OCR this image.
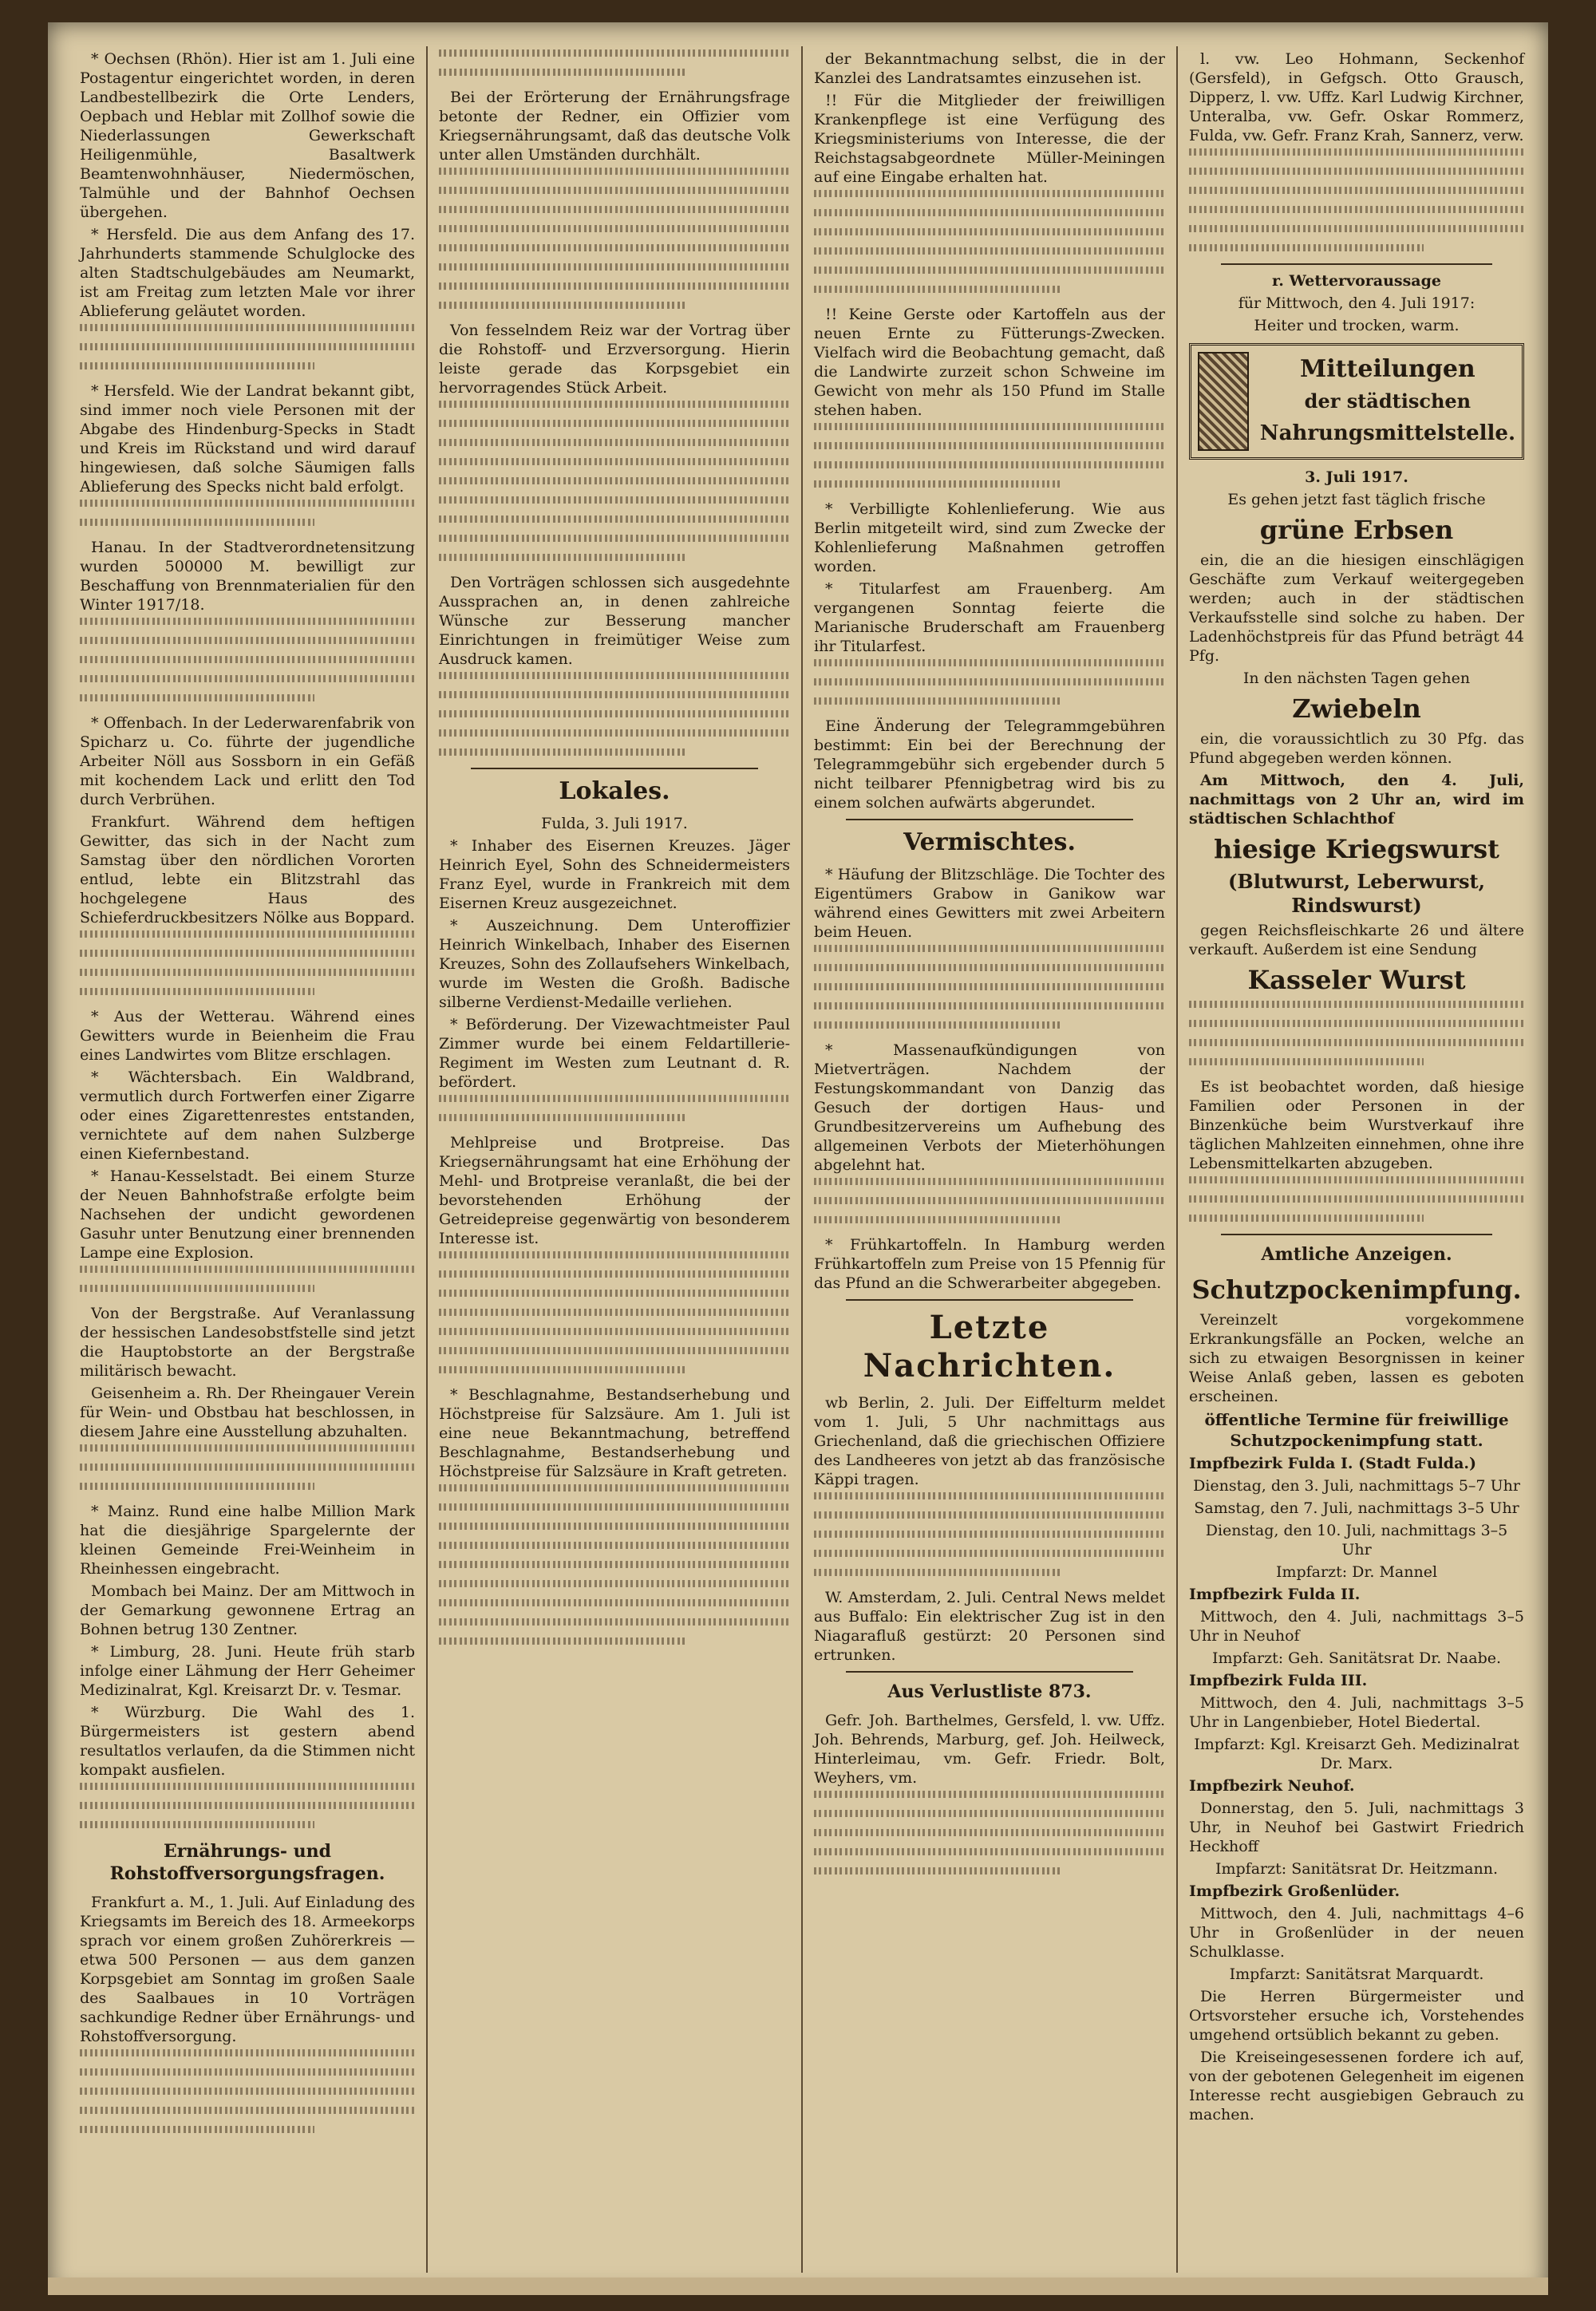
* Oechsen (Rhön). Hier ist am 1. Juli eine Postagentur eingerichtet worden, in deren Landbestellbezirk die Orte Lenders, Oepbach und Heblar mit Zollhof sowie die Niederlassungen Gewerkschaft Heiligenmühle, Basaltwerk Beamtenwohnhäuser, Niedermöschen, Talmühle und der Bahnhof Oechsen übergehen.

* Hersfeld. Die aus dem Anfang des 17. Jahrhunderts stammende Schulglocke des alten Stadtschulgebäudes am Neumarkt, ist am Freitag zum letzten Male vor ihrer Ablieferung geläutet worden.

* Hersfeld. Wie der Landrat bekannt gibt, sind immer noch viele Personen mit der Abgabe des Hindenburg-Specks in Stadt und Kreis im Rückstand und wird darauf hingewiesen, daß solche Säumigen falls Ablieferung des Specks nicht bald erfolgt.

Hanau. In der Stadtverordnetensitzung wurden 500000 M. bewilligt zur Beschaffung von Brennmaterialien für den Winter 1917/18.

* Offenbach. In der Lederwarenfabrik von Spicharz u. Co. führte der jugendliche Arbeiter Nöll aus Sossborn in ein Gefäß mit kochendem Lack und erlitt den Tod durch Verbrühen.

Frankfurt. Während dem heftigen Gewitter, das sich in der Nacht zum Samstag über den nördlichen Vororten entlud, lebte ein Blitzstrahl das hochgelegene Haus des Schieferdruckbesitzers Nölke aus Boppard.

* Aus der Wetterau. Während eines Gewitters wurde in Beienheim die Frau eines Landwirtes vom Blitze erschlagen.

* Wächtersbach. Ein Waldbrand, vermutlich durch Fortwerfen einer Zigarre oder eines Zigarettenrestes entstanden, vernichtete auf dem nahen Sulzberge einen Kiefernbestand.

* Hanau-Kesselstadt. Bei einem Sturze der Neuen Bahnhofstraße erfolgte beim Nachsehen der undicht gewordenen Gasuhr unter Benutzung einer brennenden Lampe eine Explosion.

Von der Bergstraße. Auf Veranlassung der hessischen Landesobstfstelle sind jetzt die Hauptobstorte an der Bergstraße militärisch bewacht.

Geisenheim a. Rh. Der Rheingauer Verein für Wein- und Obstbau hat beschlossen, in diesem Jahre eine Ausstellung abzuhalten.

* Mainz. Rund eine halbe Million Mark hat die diesjährige Spargelernte der kleinen Gemeinde Frei-Weinheim in Rheinhessen eingebracht.

Mombach bei Mainz. Der am Mittwoch in der Gemarkung gewonnene Ertrag an Bohnen betrug 130 Zentner.

* Limburg, 28. Juni. Heute früh starb infolge einer Lähmung der Herr Geheimer Medizinalrat, Kgl. Kreisarzt Dr. v. Tesmar.

* Würzburg. Die Wahl des 1. Bürgermeisters ist gestern abend resultatlos verlaufen, da die Stimmen nicht kompakt ausfielen.

Ernährungs- und Rohstoffversorgungsfragen.

Frankfurt a. M., 1. Juli. Auf Einladung des Kriegsamts im Bereich des 18. Armeekorps sprach vor einem großen Zuhörerkreis — etwa 500 Personen — aus dem ganzen Korpsgebiet am Sonntag im großen Saale des Saalbaues in 10 Vorträgen sachkundige Redner über Ernährungs- und Rohstoffversorgung.

Bei der Erörterung der Ernährungsfrage betonte der Redner, ein Offizier vom Kriegsernährungsamt, daß das deutsche Volk unter allen Umständen durchhält.

Von fesselndem Reiz war der Vortrag über die Rohstoff- und Erzversorgung. Hierin leiste gerade das Korpsgebiet ein hervorragendes Stück Arbeit.

Den Vorträgen schlossen sich ausgedehnte Aussprachen an, in denen zahlreiche Wünsche zur Besserung mancher Einrichtungen in freimütiger Weise zum Ausdruck kamen.

Lokales.

Fulda, 3. Juli 1917.

* Inhaber des Eisernen Kreuzes. Jäger Heinrich Eyel, Sohn des Schneidermeisters Franz Eyel, wurde in Frankreich mit dem Eisernen Kreuz ausgezeichnet.

* Auszeichnung. Dem Unteroffizier Heinrich Winkelbach, Inhaber des Eisernen Kreuzes, Sohn des Zollaufsehers Winkelbach, wurde im Westen die Großh. Badische silberne Verdienst-Medaille verliehen.

* Beförderung. Der Vizewachtmeister Paul Zimmer wurde bei einem Feldartillerie-Regiment im Westen zum Leutnant d. R. befördert.

Mehlpreise und Brotpreise. Das Kriegsernährungsamt hat eine Erhöhung der Mehl- und Brotpreise veranlaßt, die bei der bevorstehenden Erhöhung der Getreidepreise gegenwärtig von besonderem Interesse ist.

* Beschlagnahme, Bestandserhebung und Höchstpreise für Salzsäure. Am 1. Juli ist eine neue Bekanntmachung, betreffend Beschlagnahme, Bestandserhebung und Höchstpreise für Salzsäure in Kraft getreten.

der Bekanntmachung selbst, die in der Kanzlei des Landratsamtes einzusehen ist.

!! Für die Mitglieder der freiwilligen Krankenpflege ist eine Verfügung des Kriegsministeriums von Interesse, die der Reichstagsabgeordnete Müller-Meiningen auf eine Eingabe erhalten hat.

!! Keine Gerste oder Kartoffeln aus der neuen Ernte zu Fütterungs-Zwecken. Vielfach wird die Beobachtung gemacht, daß die Landwirte zurzeit schon Schweine im Gewicht von mehr als 150 Pfund im Stalle stehen haben.

* Verbilligte Kohlenlieferung. Wie aus Berlin mitgeteilt wird, sind zum Zwecke der Kohlenlieferung Maßnahmen getroffen worden.

* Titularfest am Frauenberg. Am vergangenen Sonntag feierte die Marianische Bruderschaft am Frauenberg ihr Titularfest.

Eine Änderung der Telegrammgebühren bestimmt: Ein bei der Berechnung der Telegrammgebühr sich ergebender durch 5 nicht teilbarer Pfennigbetrag wird bis zu einem solchen aufwärts abgerundet.

Vermischtes.

* Häufung der Blitzschläge. Die Tochter des Eigentümers Grabow in Ganikow war während eines Gewitters mit zwei Arbeitern beim Heuen.

* Massenaufkündigungen von Mietverträgen. Nachdem der Festungskommandant von Danzig das Gesuch der dortigen Haus- und Grundbesitzervereins um Aufhebung des allgemeinen Verbots der Mieterhöhungen abgelehnt hat.

* Frühkartoffeln. In Hamburg werden Frühkartoffeln zum Preise von 15 Pfennig für das Pfund an die Schwerarbeiter abgegeben.

Letzte Nachrichten.

wb Berlin, 2. Juli. Der Eiffelturm meldet vom 1. Juli, 5 Uhr nachmittags aus Griechenland, daß die griechischen Offiziere des Landheeres von jetzt ab das französische Käppi tragen.

W. Amsterdam, 2. Juli. Central News meldet aus Buffalo: Ein elektrischer Zug ist in den Niagarafluß gestürzt: 20 Personen sind ertrunken.

Aus Verlustliste 873.

Gefr. Joh. Barthelmes, Gersfeld, l. vw. Uffz. Joh. Behrends, Marburg, gef. Joh. Heilweck, Hinterleimau, vm. Gefr. Friedr. Bolt, Weyhers, vm.

l. vw. Leo Hohmann, Seckenhof (Gersfeld), in Gefgsch. Otto Grausch, Dipperz, l. vw. Uffz. Karl Ludwig Kirchner, Unteralba, vw. Gefr. Oskar Rommerz, Fulda, vw. Gefr. Franz Krah, Sannerz, verw.

r. Wettervoraussage

für Mittwoch, den 4. Juli 1917:

Heiter und trocken, warm.

Mitteilungen
der städtischen
Nahrungsmittelstelle.

3. Juli 1917.

Es gehen jetzt fast täglich frische

grüne Erbsen

ein, die an die hiesigen einschlägigen Geschäfte zum Verkauf weitergegeben werden; auch in der städtischen Verkaufsstelle sind solche zu haben. Der Ladenhöchstpreis für das Pfund beträgt 44 Pfg.

In den nächsten Tagen gehen

Zwiebeln

ein, die voraussichtlich zu 30 Pfg. das Pfund abgegeben werden können.

Am Mittwoch, den 4. Juli, nachmittags von 2 Uhr an, wird im städtischen Schlachthof

hiesige Kriegswurst
(Blutwurst, Leberwurst, Rindswurst)

gegen Reichsfleischkarte 26 und ältere verkauft. Außerdem ist eine Sendung

Kasseler Wurst

Es ist beobachtet worden, daß hiesige Familien oder Personen in der Binzenküche beim Wurstverkauf ihre täglichen Mahlzeiten einnehmen, ohne ihre Lebensmittelkarten abzugeben.

Amtliche Anzeigen.

Schutzpockenimpfung.

Vereinzelt vorgekommene Erkrankungsfälle an Pocken, welche an sich zu etwaigen Besorgnissen in keiner Weise Anlaß geben, lassen es geboten erscheinen.

öffentliche Termine für freiwillige Schutzpockenimpfung statt.

Impfbezirk Fulda I. (Stadt Fulda.)

Dienstag, den 3. Juli, nachmittags 5–7 Uhr

Samstag, den 7. Juli, nachmittags 3–5 Uhr

Dienstag, den 10. Juli, nachmittags 3–5 Uhr

Impfarzt: Dr. Mannel

Impfbezirk Fulda II.

Mittwoch, den 4. Juli, nachmittags 3–5 Uhr in Neuhof

Impfarzt: Geh. Sanitätsrat Dr. Naabe.

Impfbezirk Fulda III.

Mittwoch, den 4. Juli, nachmittags 3–5 Uhr in Langenbieber, Hotel Biedertal.

Impfarzt: Kgl. Kreisarzt Geh. Medizinalrat Dr. Marx.

Impfbezirk Neuhof.

Donnerstag, den 5. Juli, nachmittags 3 Uhr, in Neuhof bei Gastwirt Friedrich Heckhoff

Impfarzt: Sanitätsrat Dr. Heitzmann.

Impfbezirk Großenlüder.

Mittwoch, den 4. Juli, nachmittags 4–6 Uhr in Großenlüder in der neuen Schulklasse.

Impfarzt: Sanitätsrat Marquardt.

Die Herren Bürgermeister und Ortsvorsteher ersuche ich, Vorstehendes umgehend ortsüblich bekannt zu geben.

Die Kreiseingesessenen fordere ich auf, von der gebotenen Gelegenheit im eigenen Interesse recht ausgiebigen Gebrauch zu machen.
